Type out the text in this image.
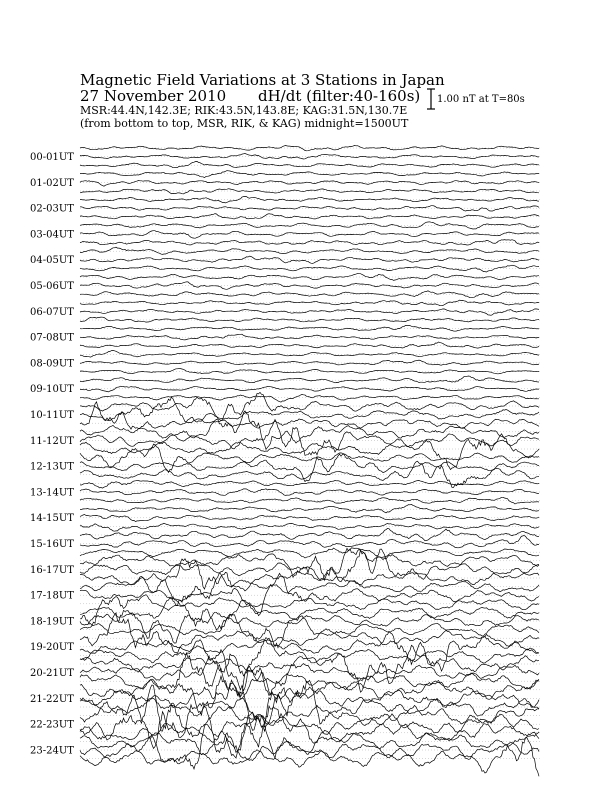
Magnetic Field Variations at 3 Stations in Japan
27 November 2010 dH/dt (filter:40-160s)
MSR:44.4N,142.3E; RIK:43.5N,143.8E; KAG:31.5N,130.7E
(from bottom to top, MSR, RIK, & KAG) midnight=1500UT
1.00 nT at T=80s
00-01UT
01-02UT
02-03UT
03-04UT
04-05UT
05-06UT
06-07UT
07-08UT
08-09UT
09-10UT
10-11UT
11-12UT
12-13UT
13-14UT
14-15UT
15-16UT
16-17UT
17-18UT
18-19UT
19-20UT
20-21UT
21-22UT
22-23UT
23-24UT
